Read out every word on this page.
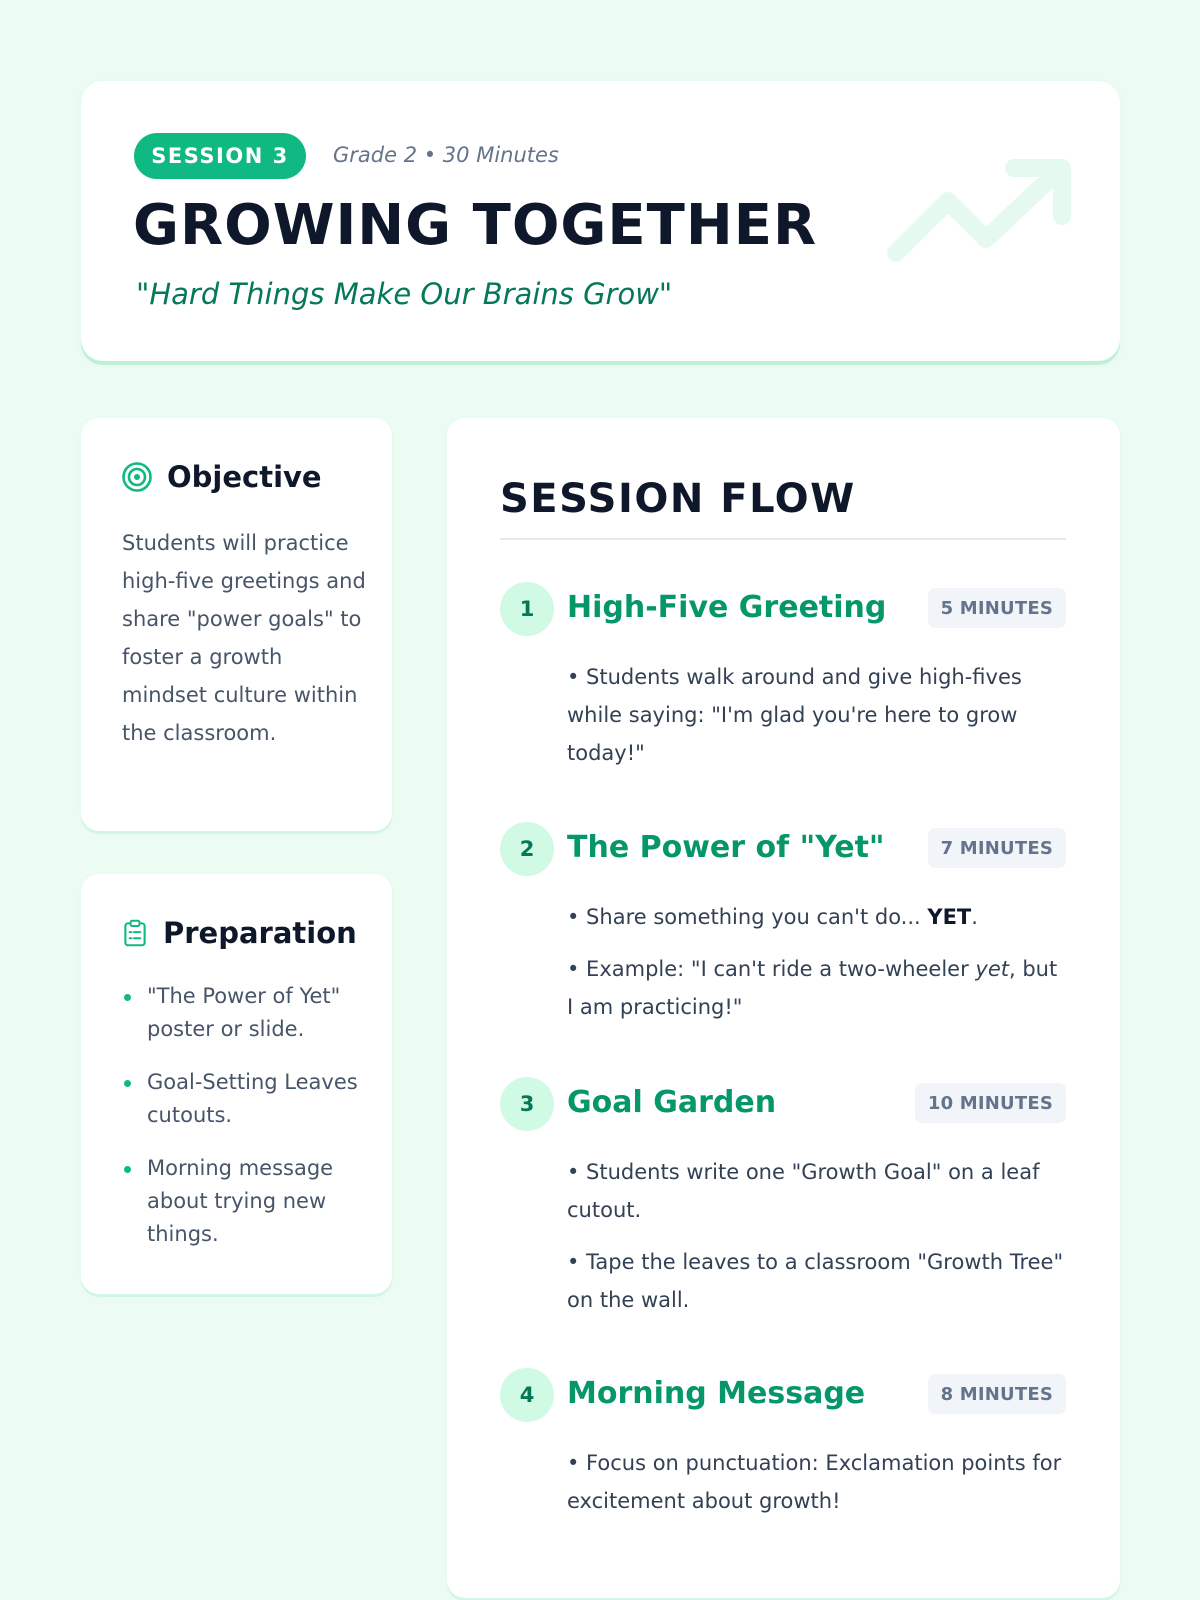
SESSION 3	Grade 2 • 30 Minutes
GROWING TOGETHER
"Hard Things Make Our Brains Grow"
Objective

Students will practice high-five greetings and share "power goals" to foster a growth mindset culture within the classroom.

Preparation
"The Power of Yet" poster or slide.
Goal-Setting Leaves cutouts.
Morning message about trying new things.
SESSION FLOW
1	High-Five Greeting	5 MINUTES

• Students walk around and give high-fives while saying: "I'm glad you're here to grow today!"

2	The Power of "Yet"	7 MINUTES

• Share something you can't do... YET.

• Example: "I can't ride a two-wheeler yet, but I am practicing!"

3	Goal Garden	10 MINUTES

• Students write one "Growth Goal" on a leaf cutout.

• Tape the leaves to a classroom "Growth Tree" on the wall.

4	Morning Message	8 MINUTES

• Focus on punctuation: Exclamation points for excitement about growth!
